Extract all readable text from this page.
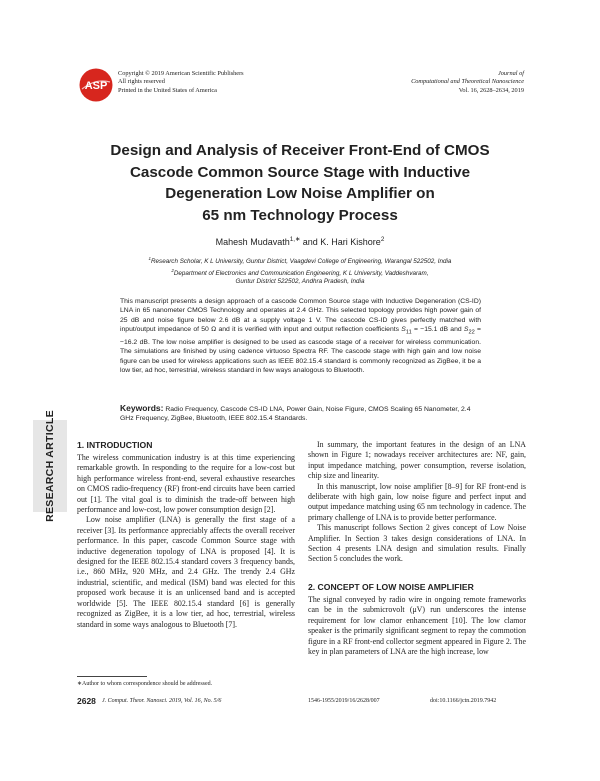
ASP
Copyright © 2019 American Scientific Publishers
All rights reserved
Printed in the United States of America
Journal of
Computational and Theoretical Nanoscience
Vol. 16, 2628–2634, 2019
Design and Analysis of Receiver Front-End of CMOS
Cascode Common Source Stage with Inductive
Degeneration Low Noise Amplifier on
65 nm Technology Process
Mahesh Mudavath$^{1,∗}$ and K. Hari Kishore$^2$
$^1$Research Scholar, K L University, Guntur District, Vaagdevi College of Engineering, Warangal 522502, India
$^2$Department of Electronics and Communication Engineering, K L University, Vaddeshvaram,
Guntur District 522502, Andhra Pradesh, India
This manuscript presents a design approach of a cascode Common Source stage with Inductive Degeneration (CS-ID) LNA in 65 nanometer CMOS Technology and operates at 2.4 GHz. This selected topology provides high power gain of 25 dB and noise figure below 2.6 dB at a supply voltage 1 V. The cascode CS-ID gives perfectly matched with input/output impedance of 50 Ω and it is verified with input and output reflection coefficients $S_{11} = -15.1$ dB and $S_{22} = -16.2$ dB. The low noise amplifier is designed to be used as cascode stage of a receiver for wireless communication. The simulations are finished by using cadence virtuoso Spectra RF. The cascode stage with high gain and low noise figure can be used for wireless applications such as IEEE 802.15.4 standard is commonly recognized as ZigBee, it be a low tier, ad hoc, terrestrial, wireless standard in few ways analogous to Bluetooth.
Keywords: Radio Frequency, Cascode CS-ID LNA, Power Gain, Noise Figure, CMOS Scaling 65 Nanometer, 2.4 GHz Frequency, ZigBee, Bluetooth, IEEE 802.15.4 Standards.
RESEARCH ARTICLE 1. INTRODUCTION

The wireless communication industry is at this time experiencing remarkable growth. In responding to the require for a low-cost but high performance wireless front-end, several exhaustive researches on CMOS radio-frequency (RF) front-end circuits have been carried out [1]. The vital goal is to diminish the trade-off between high performance and low-cost, low power consumption design [2].

Low noise amplifier (LNA) is generally the first stage of a receiver [3]. Its performance appreciably affects the overall receiver performance. In this paper, cascode Common Source stage with inductive degeneration topology of LNA is proposed [4]. It is designed for the IEEE 802.15.4 standard covers 3 frequency bands, i.e., 860 MHz, 920 MHz, and 2.4 GHz. The trendy 2.4 GHz industrial, scientific, and medical (ISM) band was elected for this proposed work because it is an unlicensed band and is accepted worldwide [5]. The IEEE 802.15.4 standard [6] is generally recognized as ZigBee, it is a low tier, ad hoc, terrestrial, wireless standard in some ways analogous to Bluetooth [7].

In summary, the important features in the design of an LNA shown in Figure 1; nowadays receiver architectures are: NF, gain, input impedance matching, power consumption, reverse isolation, chip size and linearity.

In this manuscript, low noise amplifier [8–9] for RF front-end is deliberate with high gain, low noise figure and perfect input and output impedance matching using 65 nm technology in cadence. The primary challenge of LNA is to provide better performance.

This manuscript follows Section 2 gives concept of Low Noise Amplifier. In Section 3 takes design considerations of LNA. In Section 4 presents LNA design and simulation results. Finally Section 5 concludes the work.

2. CONCEPT OF LOW NOISE AMPLIFIER

The signal conveyed by radio wire in ongoing remote frameworks can be in the submicrovolt (μV) run underscores the intense requirement for low clamor enhancement [10]. The low clamor speaker is the primarily significant segment to repay the commotion figure in a RF front-end collector segment appeared in Figure 2. The key in plan parameters of LNA are the high increase, low

∗Author to whom correspondence should be addressed.
2628 J. Comput. Theor. Nanosci. 2019, Vol. 16, No. 5/6	1546-1955/2019/16/2628/007	doi:10.1166/jctn.2019.7942
